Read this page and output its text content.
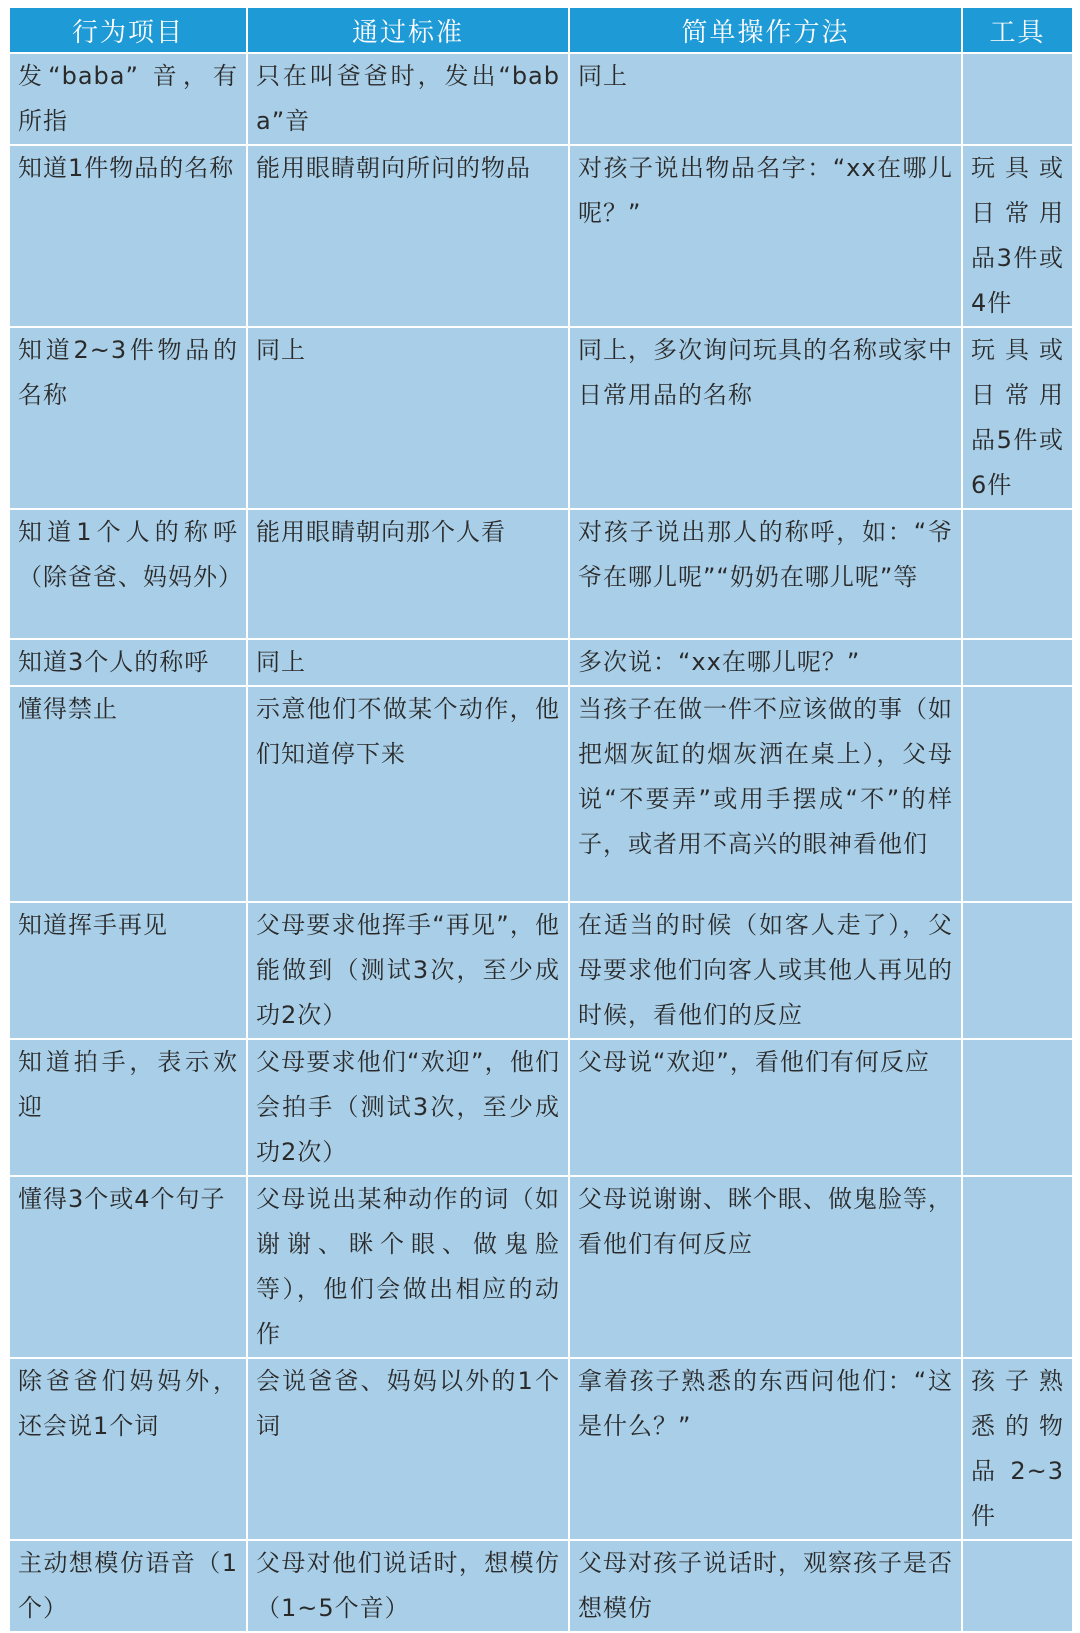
行为项目	通过标准	简单操作方法	工具
发“baba” 音，有所指	只在叫爸爸时，发出“baba”音	同上	
知道1件物品的名称	能用眼睛朝向所问的物品	对孩子说出物品名字：“xx在哪儿呢？”	玩具或日常用品3件或4件
知道2~3件物品的名称	同上	同上，多次询问玩具的名称或家中日常用品的名称	玩具或日常用品5件或6件
知道1个人的称呼（除爸爸、妈妈外）	能用眼睛朝向那个人看	对孩子说出那人的称呼，如：“爷爷在哪儿呢”“奶奶在哪儿呢”等	
知道3个人的称呼	同上	多次说：“xx在哪儿呢？”	
懂得禁止	示意他们不做某个动作，他们知道停下来	当孩子在做一件不应该做的事（如把烟灰缸的烟灰洒在桌上），父母说“不要弄”或用手摆成“不”的样子，或者用不高兴的眼神看他们	
知道挥手再见	父母要求他挥手“再见”，他能做到（测试3次，至少成功2次）	在适当的时候（如客人走了），父母要求他们向客人或其他人再见的时候，看他们的反应	
知道拍手，表示欢迎	父母要求他们“欢迎”，他们会拍手（测试3次，至少成功2次）	父母说“欢迎”，看他们有何反应	
懂得3个或4个句子	父母说出某种动作的词（如谢谢、眯个眼、做鬼脸等），他们会做出相应的动作	父母说谢谢、眯个眼、做鬼脸等，看他们有何反应	
除爸爸们妈妈外，还会说1个词	会说爸爸、妈妈以外的1个词	拿着孩子熟悉的东西问他们：“这是什么？”	孩子熟悉的物品2~3件
主动想模仿语音（1个）	父母对他们说话时，想模仿（1~5个音）	父母对孩子说话时，观察孩子是否想模仿	
